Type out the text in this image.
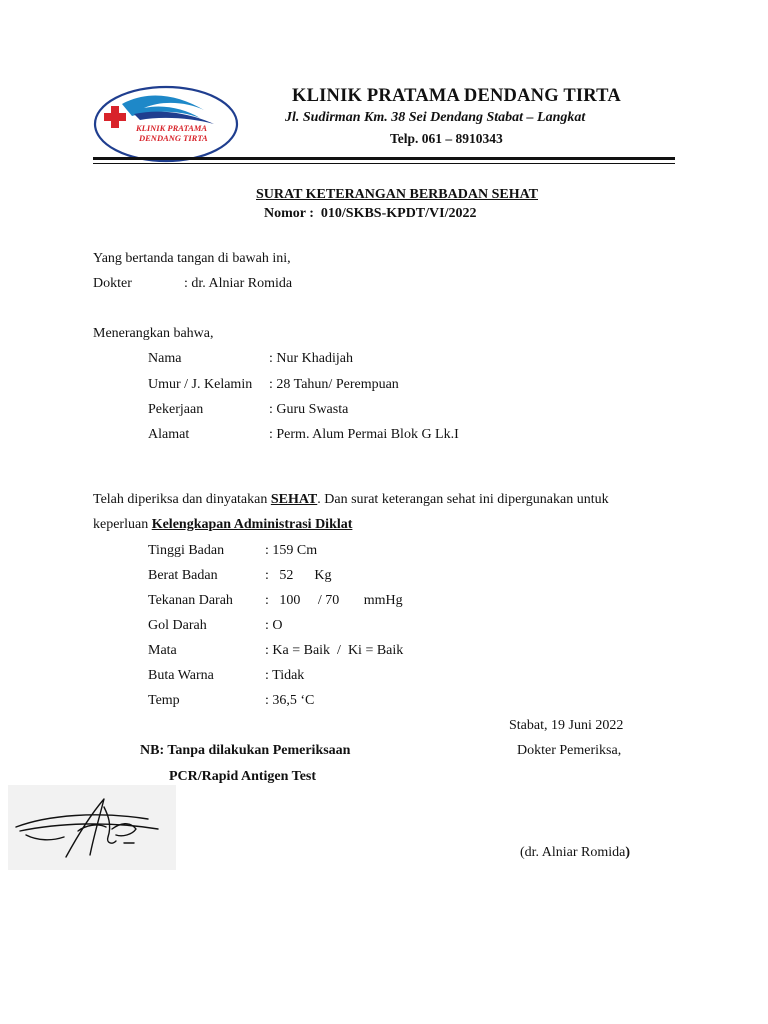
KLINIK PRATAMA
DENDANG TIRTA
KLINIK PRATAMA DENDANG TIRTA
Jl. Sudirman Km. 38 Sei Dendang Stabat – Langkat
Telp. 061 – 8910343
SURAT KETERANGAN BERBADAN SEHAT
Nomor : 010/SKBS-KPDT/VI/2022
Yang bertanda tangan di bawah ini,
Dokter	: dr. Alniar Romida
Menerangkan bahwa,
Nama	: Nur Khadijah
Umur / J. Kelamin : 28 Tahun/ Perempuan
Pekerjaan	: Guru Swasta
Alamat	: Perm. Alum Permai Blok G Lk.I
Telah diperiksa dan dinyatakan SEHAT. Dan surat keterangan sehat ini dipergunakan untuk
keperluan Kelengkapan Administrasi Diklat
Tinggi Badan	: 159 Cm
Berat Badan	:   52      Kg
Tekanan Darah :   100     / 70       mmHg
Gol Darah	: O
Mata	: Ka = Baik  /  Ki = Baik
Buta Warna	: Tidak
Temp	: 36,5 ‘C
Stabat, 19 Juni 2022
Dokter Pemeriksa,
(dr. Alniar Romida)
NB: Tanpa dilakukan Pemeriksaan
PCR/Rapid Antigen Test
